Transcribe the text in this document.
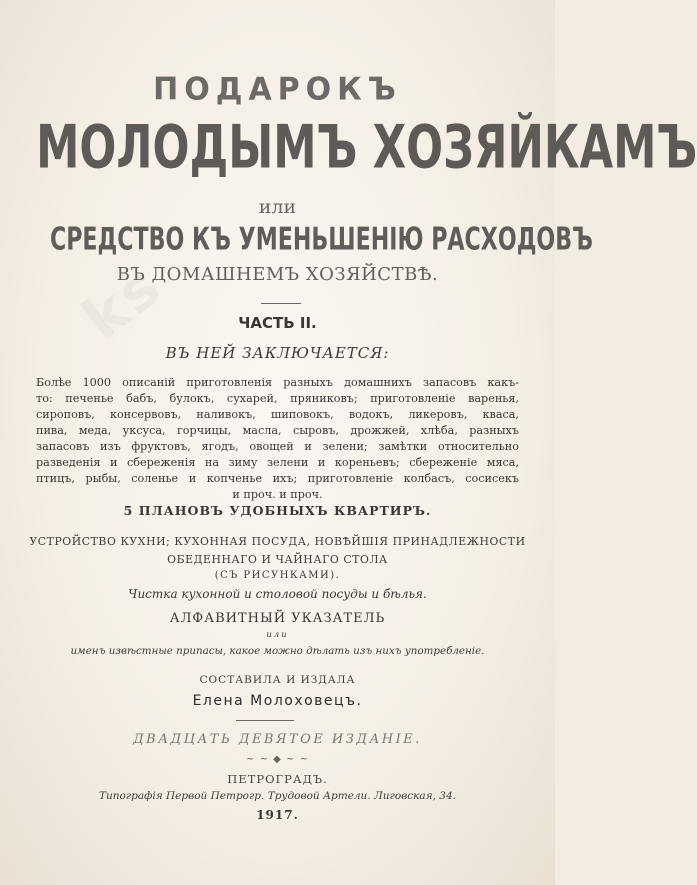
ks
ПОДАРОКЪ
МОЛОДЫМЪ ХОЗЯЙКАМЪ
или
СРЕДСТВО КЪ УМЕНЬШЕНІЮ РАСХОДОВЪ
ВЪ ДОМАШНЕМЪ ХОЗЯЙСТВѢ.
ЧАСТЬ II.
ВЪ НЕЙ ЗАКЛЮЧАЕТСЯ:
Болѣе 1000 описаній приготовленія разныхъ домашнихъ запасовъ какъ-
то: печенье бабъ, булокъ, сухарей, пряниковъ; приготовленіе варенья,
сироповъ, консервовъ, наливокъ, шиповокъ, водокъ, ликеровъ, кваса,
пива, меда, уксуса, горчицы, масла, сыровъ, дрожжей, хлѣба, разныхъ
запасовъ изъ фруктовъ, ягодъ, овощей и зелени; замѣтки относительно
разведенія и сбереженія на зиму зелени и кореньевъ; сбереженіе мяса,
птицъ, рыбы, соленье и копченье ихъ; приготовленіе колбасъ, сосисекъ
и проч. и проч.
5 ПЛАНОВЪ УДОБНЫХЪ КВАРТИРЪ.
УСТРОЙСТВО КУХНИ; КУХОННАЯ ПОСУДА, НОВѢЙШІЯ ПРИНАДЛЕЖНОСТИ
ОБЕДЕННАГО И ЧАЙНАГО СТОЛА
(СЪ РИСУНКАМИ).
Чистка кухонной и столовой посуды и бѣлья.
АЛФАВИТНЫЙ УКАЗАТЕЛЬ
или
именъ извѣстные припасы, какое можно дѣлать изъ нихъ употребленіе.
СОСТАВИЛА И ИЗДАЛА
Елена Молоховецъ.
ДВАДЦАТЬ ДЕВЯТОЕ ИЗДАНІЕ.
~ ~ ◆ ~ ~
ПЕТРОГРАДЪ.
Типографія Первой Петрогр. Трудовой Артели. Лиговская, 34.
1917.
